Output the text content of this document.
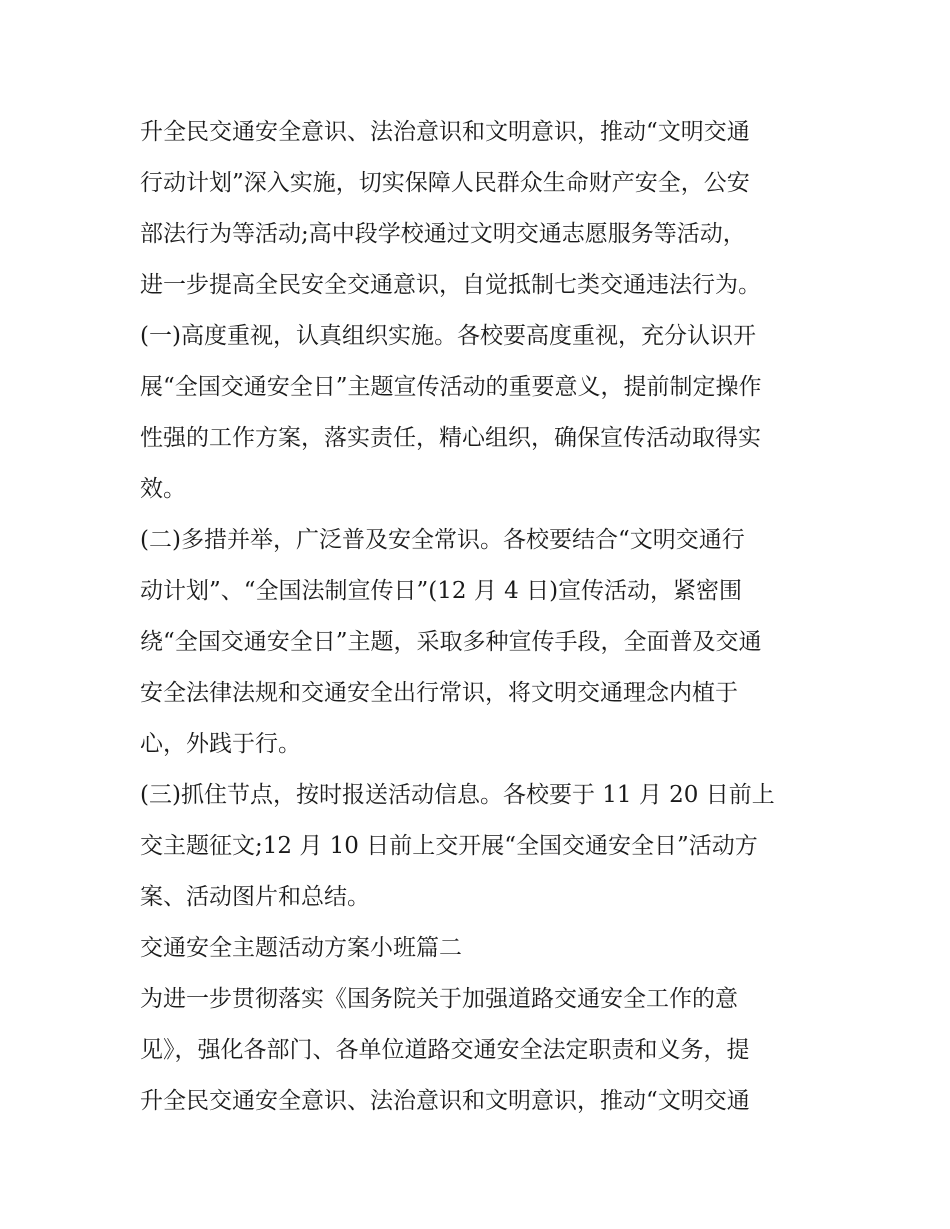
升全民交通安全意识、法治意识和文明意识，推动“文明交通
行动计划”深入实施，切实保障人民群众生命财产安全，公安
部法行为等活动;高中段学校通过文明交通志愿服务等活动，
进一步提高全民安全交通意识，自觉抵制七类交通违法行为。
(一)高度重视，认真组织实施。各校要高度重视，充分认识开
展“全国交通安全日”主题宣传活动的重要意义，提前制定操作
性强的工作方案，落实责任，精心组织，确保宣传活动取得实
效。
(二)多措并举，广泛普及安全常识。各校要结合“文明交通行
动计划”、“全国法制宣传日”(12 月 4 日)宣传活动，紧密围
绕“全国交通安全日”主题，采取多种宣传手段，全面普及交通
安全法律法规和交通安全出行常识，将文明交通理念内植于
心，外践于行。
(三)抓住节点，按时报送活动信息。各校要于 11 月 20 日前上
交主题征文;12 月 10 日前上交开展“全国交通安全日”活动方
案、活动图片和总结。
交通安全主题活动方案小班篇二
为进一步贯彻落实《国务院关于加强道路交通安全工作的意
见》，强化各部门、各单位道路交通安全法定职责和义务，提
升全民交通安全意识、法治意识和文明意识，推动“文明交通
